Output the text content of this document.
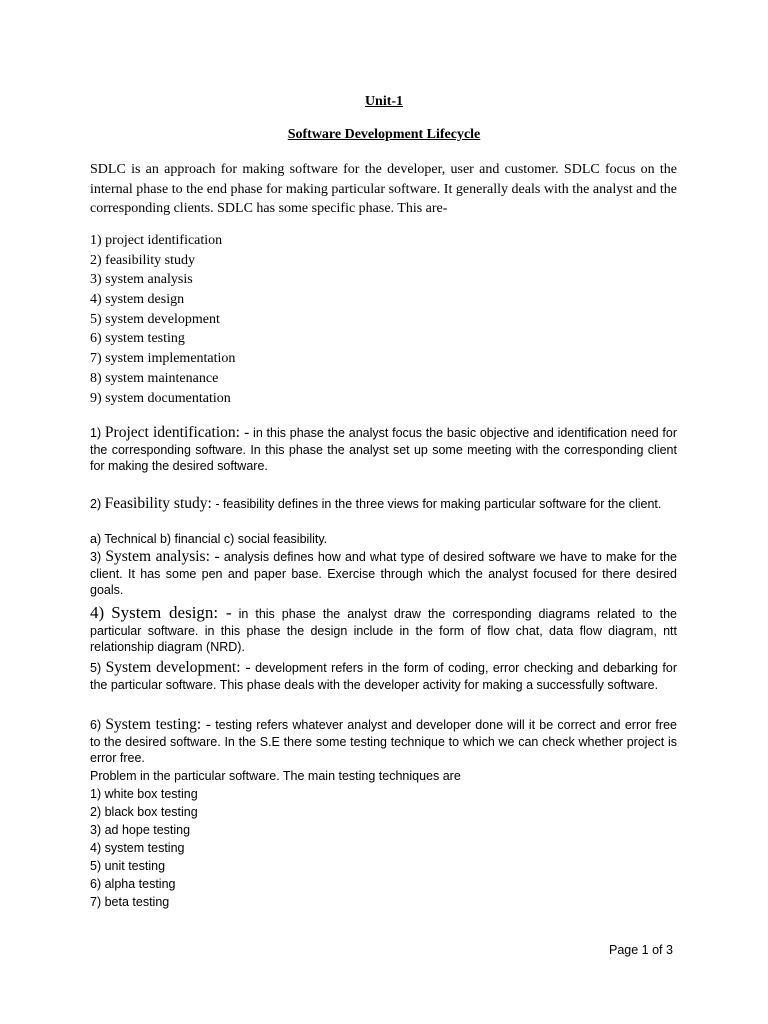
Unit-1
Software Development Lifecycle
SDLC is an approach for making software for the developer, user and customer. SDLC focus on the internal phase to the end phase for making particular software. It generally deals with the analyst and the corresponding clients. SDLC has some specific phase. This are-
1) project identification
2) feasibility study
3) system analysis
4) system design
5) system development
6) system testing
7) system implementation
8) system maintenance
9) system documentation
1) Project identification: - in this phase the analyst focus the basic objective and identification need for the corresponding software. In this phase the analyst set up some meeting with the corresponding client for making the desired software.
2) Feasibility study: - feasibility defines in the three views for making particular software for the client.
a) Technical b) financial c) social feasibility.
3) System analysis: - analysis defines how and what type of desired software we have to make for the client. It has some pen and paper base. Exercise through which the analyst focused for there desired goals.
4) System design: - in this phase the analyst draw the corresponding diagrams related to the particular software. in this phase the design include in the form of flow chat, data flow diagram, ntt relationship diagram (NRD).
5) System development: - development refers in the form of coding, error checking and debarking for the particular software. This phase deals with the developer activity for making a successfully software.
6) System testing: - testing refers whatever analyst and developer done will it be correct and error free to the desired software. In the S.E there some testing technique to which we can check whether project is error free.
Problem in the particular software. The main testing techniques are
1) white box testing
2) black box testing
3) ad hope testing
4) system testing
5) unit testing
6) alpha testing
7) beta testing
Page 1 of 3
